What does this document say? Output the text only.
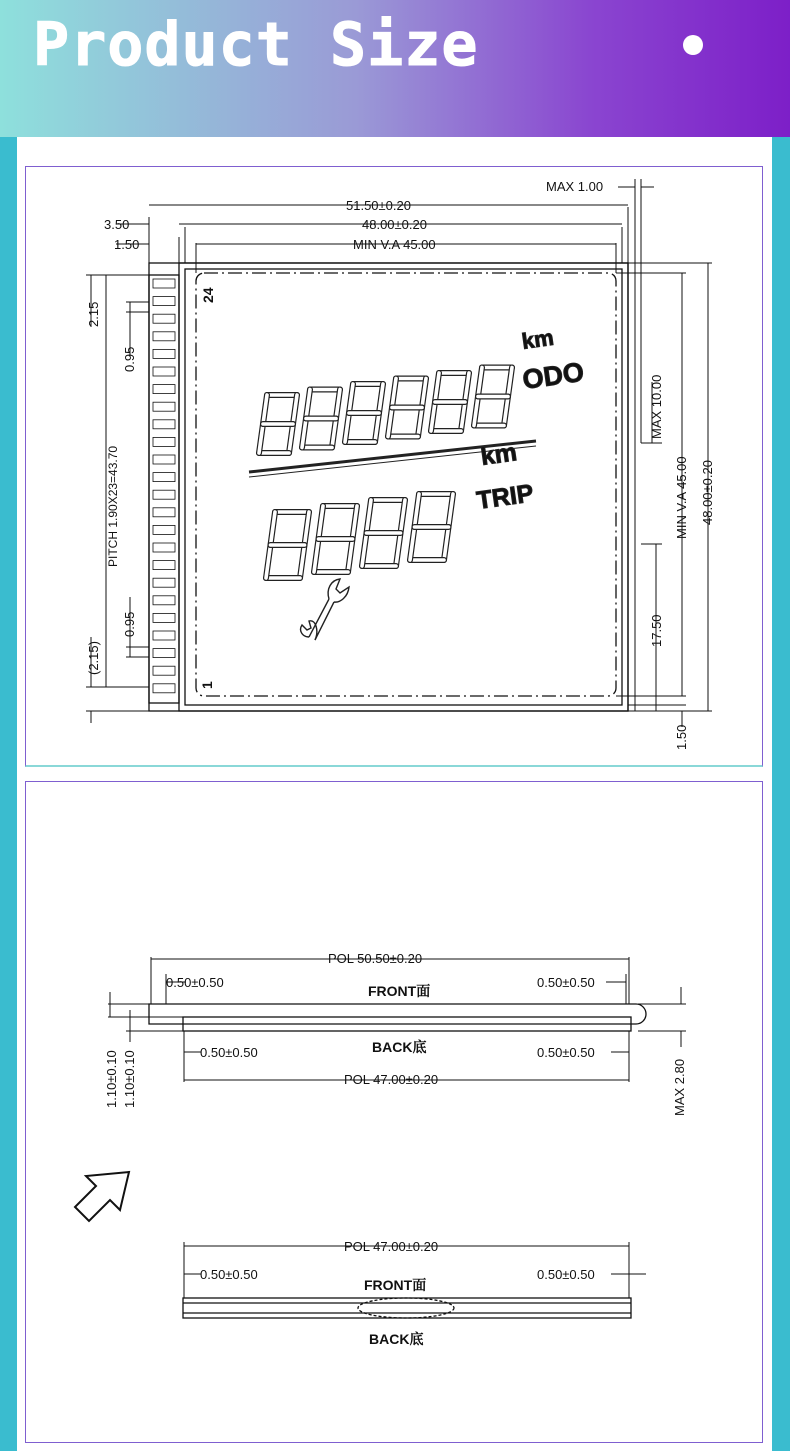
Product Size
MAX 1.00
51.50±0.20
48.00±0.20
MIN V.A 45.00
3.50
1.50
2.15
0.95
PITCH 1.90X23=43.70
0.95
(2.15)
24
1
MAX 10.00
MIN V.A 45.00 48.00±0.20
17.50
1.50
km
ODO
km
TRIP
POL 50.50±0.20
FRONT面
BACK底
0.50±0.50	0.50±0.50
0.50±0.50	0.50±0.50
POL 47.00±0.20
1.10±0.10 1.10±0.10	MAX 2.80
POL 47.00±0.20
FRONT面
BACK底
0.50±0.50	0.50±0.50
